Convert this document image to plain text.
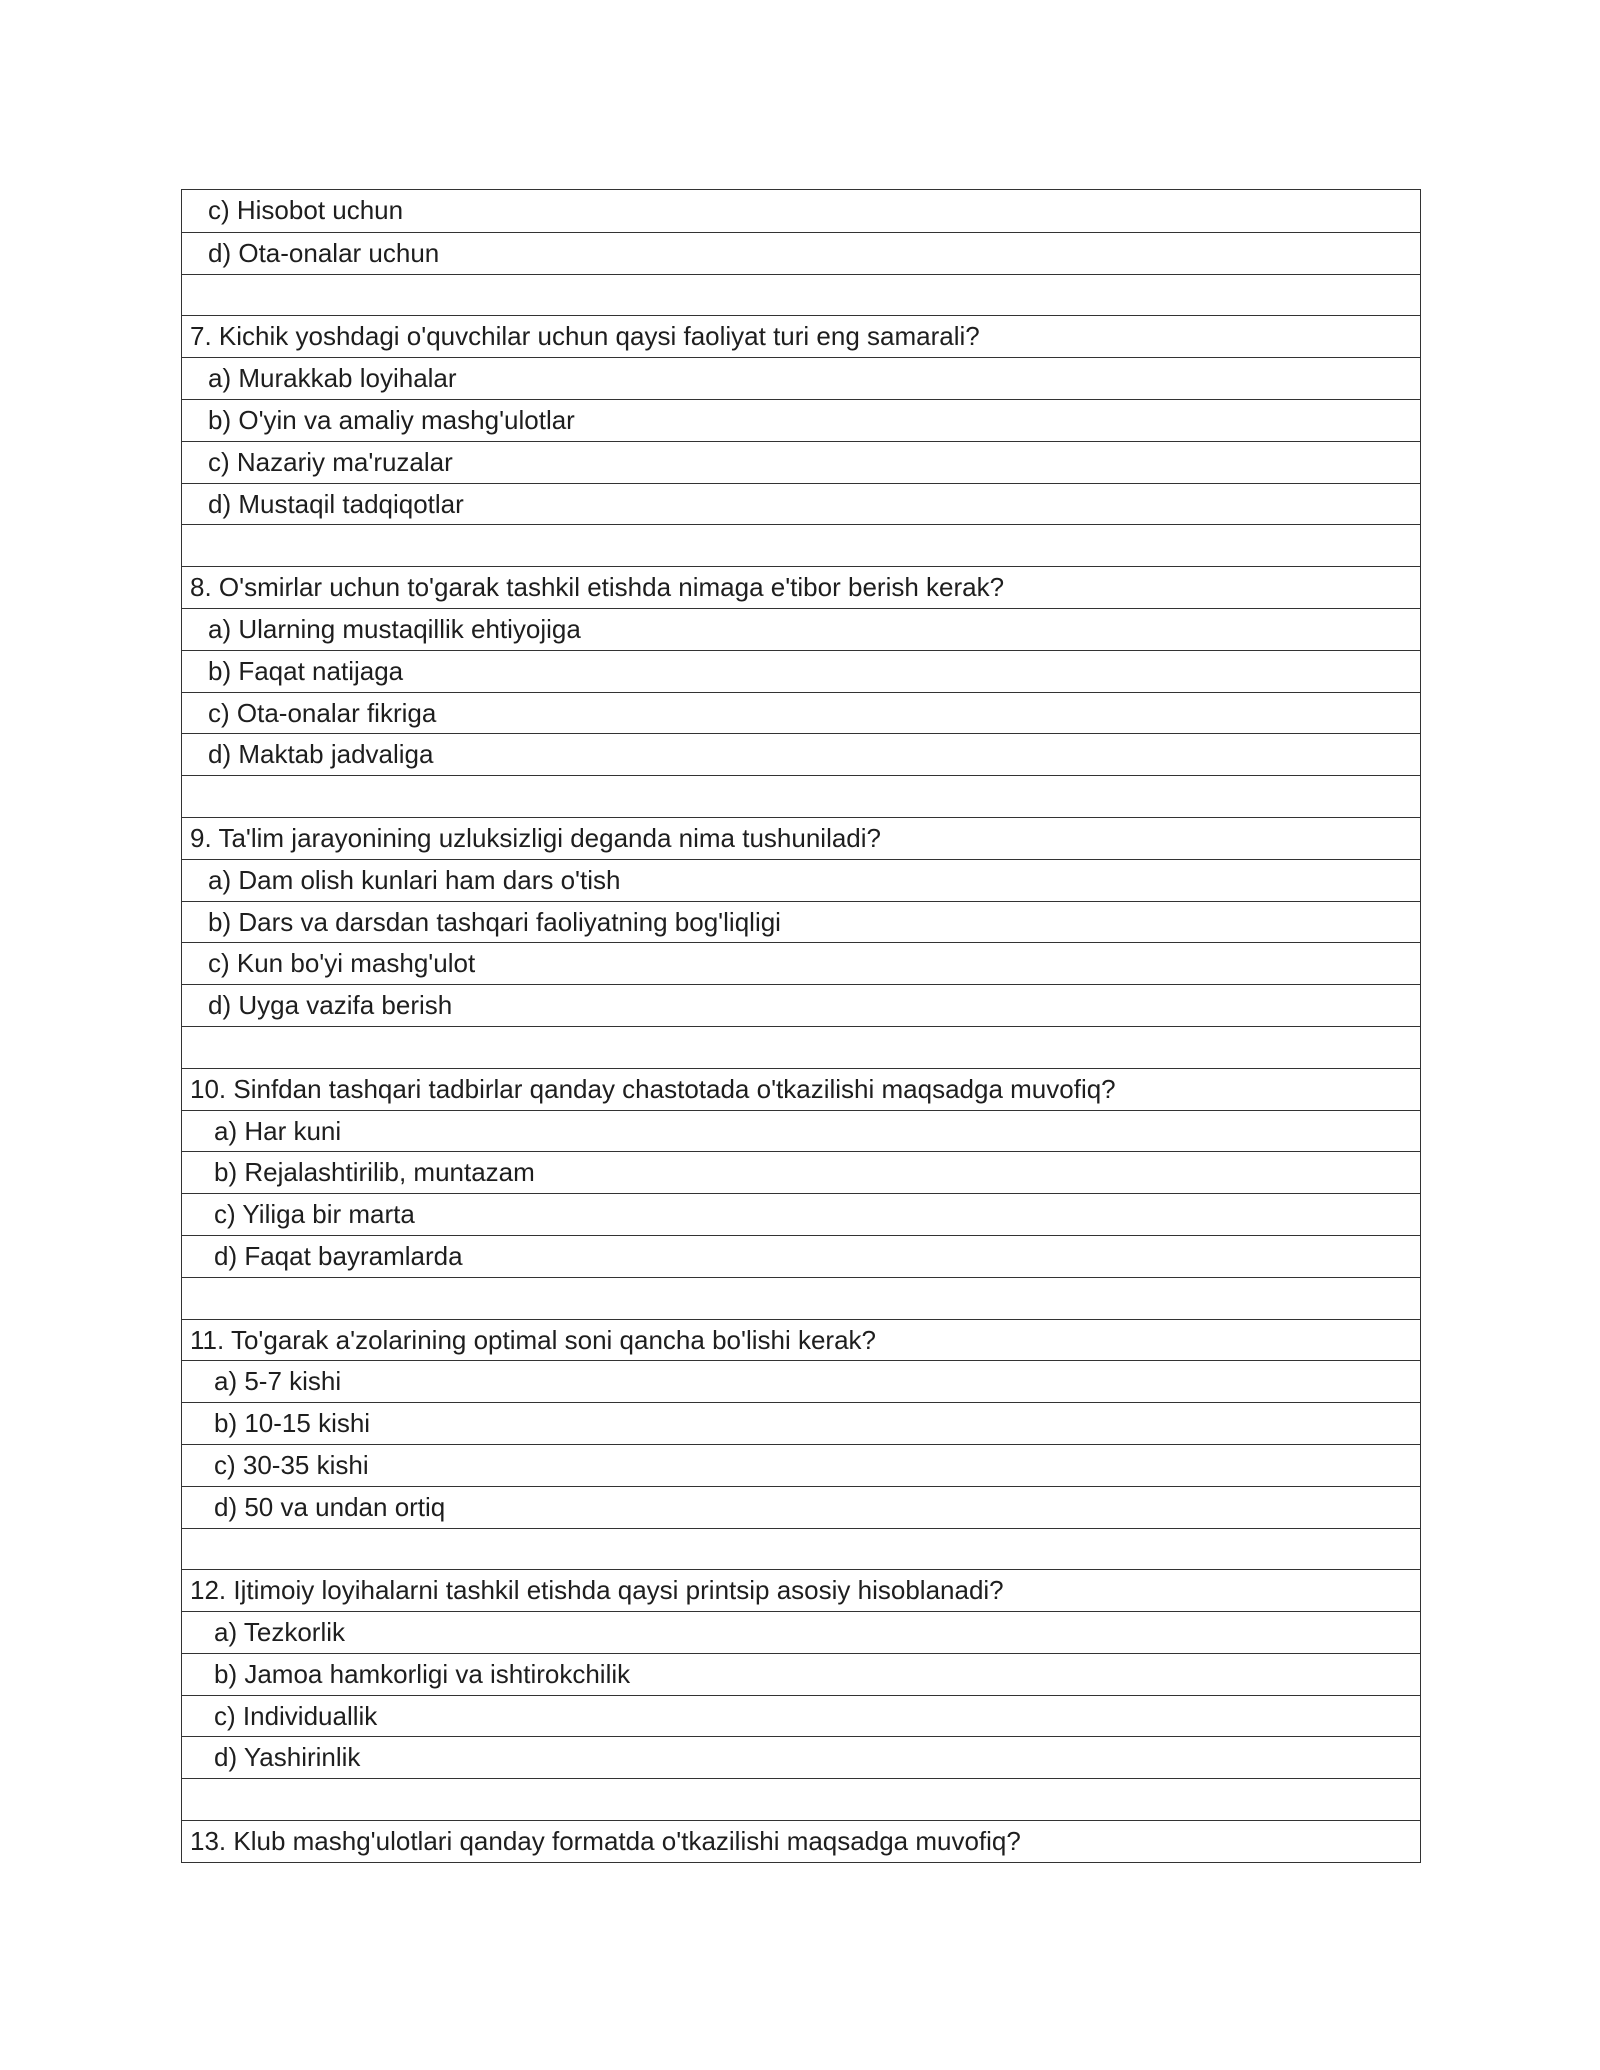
c) Hisobot uchun
d) Ota-onalar uchun
7. Kichik yoshdagi o'quvchilar uchun qaysi faoliyat turi eng samarali?
a) Murakkab loyihalar
b) O'yin va amaliy mashg'ulotlar
c) Nazariy ma'ruzalar
d) Mustaqil tadqiqotlar
8. O'smirlar uchun to'garak tashkil etishda nimaga e'tibor berish kerak?
a) Ularning mustaqillik ehtiyojiga
b) Faqat natijaga
c) Ota-onalar fikriga
d) Maktab jadvaliga
9. Ta'lim jarayonining uzluksizligi deganda nima tushuniladi?
a) Dam olish kunlari ham dars o'tish
b) Dars va darsdan tashqari faoliyatning bog'liqligi
c) Kun bo'yi mashg'ulot
d) Uyga vazifa berish
10. Sinfdan tashqari tadbirlar qanday chastotada o'tkazilishi maqsadga muvofiq?
a) Har kuni
b) Rejalashtirilib, muntazam
c) Yiliga bir marta
d) Faqat bayramlarda
11. To'garak a'zolarining optimal soni qancha bo'lishi kerak?
a) 5-7 kishi
b) 10-15 kishi
c) 30-35 kishi
d) 50 va undan ortiq
12. Ijtimoiy loyihalarni tashkil etishda qaysi printsip asosiy hisoblanadi?
a) Tezkorlik
b) Jamoa hamkorligi va ishtirokchilik
c) Individuallik
d) Yashirinlik
13. Klub mashg'ulotlari qanday formatda o'tkazilishi maqsadga muvofiq?
